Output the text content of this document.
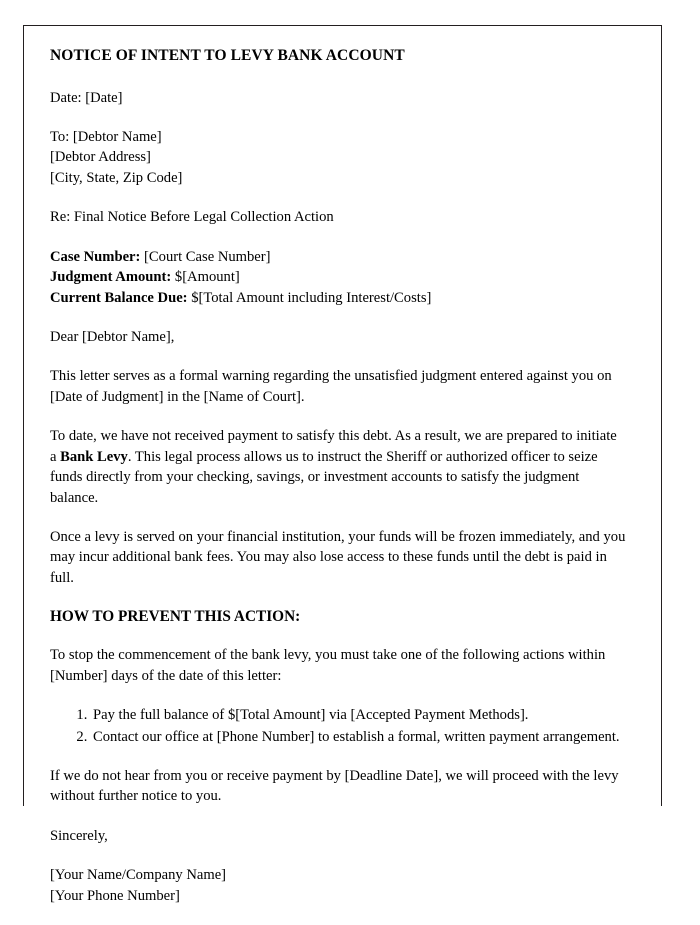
NOTICE OF INTENT TO LEVY BANK ACCOUNT
Date: [Date]
To: [Debtor Name]
[Debtor Address]
[City, State, Zip Code]
Re: Final Notice Before Legal Collection Action
Case Number: [Court Case Number]
Judgment Amount: $[Amount]
Current Balance Due: $[Total Amount including Interest/Costs]
Dear [Debtor Name],
This letter serves as a formal warning regarding the unsatisfied judgment entered against you on [Date of Judgment] in the [Name of Court].
To date, we have not received payment to satisfy this debt. As a result, we are prepared to initiate a Bank Levy. This legal process allows us to instruct the Sheriff or authorized officer to seize funds directly from your checking, savings, or investment accounts to satisfy the judgment balance.
Once a levy is served on your financial institution, your funds will be frozen immediately, and you may incur additional bank fees. You may also lose access to these funds until the debt is paid in full.
HOW TO PREVENT THIS ACTION:
To stop the commencement of the bank levy, you must take one of the following actions within [Number] days of the date of this letter:
1. Pay the full balance of $[Total Amount] via [Accepted Payment Methods].
2. Contact our office at [Phone Number] to establish a formal, written payment arrangement.
If we do not hear from you or receive payment by [Deadline Date], we will proceed with the levy without further notice to you.
Sincerely,
[Your Name/Company Name]
[Your Phone Number]
